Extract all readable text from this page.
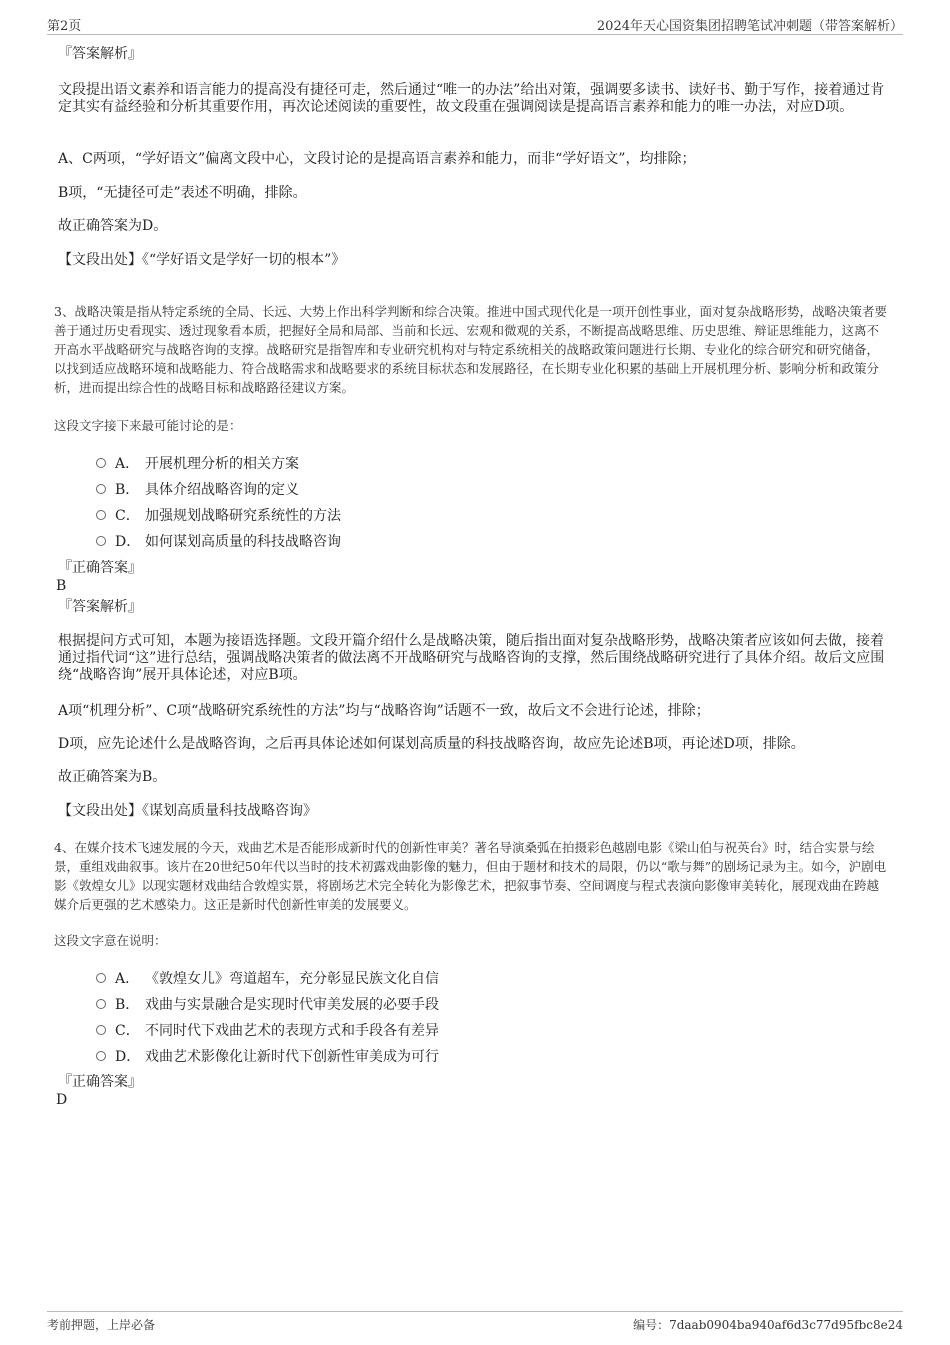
第2页	2024年天心国资集团招聘笔试冲刺题（带答案解析）
『答案解析』
文段提出语文素养和语言能力的提高没有捷径可走，然后通过“唯一的办法”给出对策，强调要多读书、读好书、勤于写作，接着通过肯定其实有益经验和分析其重要作用，再次论述阅读的重要性，故文段重在强调阅读是提高语言素养和能力的唯一办法，对应D项。
A、C两项，“学好语文”偏离文段中心，文段讨论的是提高语言素养和能力，而非“学好语文”，均排除；
B项，“无捷径可走”表述不明确，排除。
故正确答案为D。
【文段出处】《“学好语文是学好一切的根本”》
3、战略决策是指从特定系统的全局、长远、大势上作出科学判断和综合决策。推进中国式现代化是一项开创性事业，面对复杂战略形势，战略决策者要善于通过历史看现实、透过现象看本质，把握好全局和局部、当前和长远、宏观和微观的关系，不断提高战略思维、历史思维、辩证思维能力，这离不开高水平战略研究与战略咨询的支撑。战略研究是指智库和专业研究机构对与特定系统相关的战略政策问题进行长期、专业化的综合研究和研究储备，以找到适应战略环境和战略能力、符合战略需求和战略要求的系统目标状态和发展路径，在长期专业化积累的基础上开展机理分析、影响分析和政策分析，进而提出综合性的战略目标和战略路径建议方案。
这段文字接下来最可能讨论的是：
A． 开展机理分析的相关方案
B． 具体介绍战略咨询的定义
C． 加强规划战略研究系统性的方法
D． 如何谋划高质量的科技战略咨询
『正确答案』
B
『答案解析』
根据提问方式可知，本题为接语选择题。文段开篇介绍什么是战略决策，随后指出面对复杂战略形势，战略决策者应该如何去做，接着通过指代词“这”进行总结，强调战略决策者的做法离不开战略研究与战略咨询的支撑，然后围绕战略研究进行了具体介绍。故后文应围绕“战略咨询”展开具体论述，对应B项。
A项“机理分析”、C项“战略研究系统性的方法”均与“战略咨询”话题不一致，故后文不会进行论述，排除；
D项，应先论述什么是战略咨询，之后再具体论述如何谋划高质量的科技战略咨询，故应先论述B项，再论述D项，排除。
故正确答案为B。
【文段出处】《谋划高质量科技战略咨询》
4、在媒介技术飞速发展的今天，戏曲艺术是否能形成新时代的创新性审美？著名导演桑弧在拍摄彩色越剧电影《梁山伯与祝英台》时，结合实景与绘景，重组戏曲叙事。该片在20世纪50年代以当时的技术初露戏曲影像的魅力，但由于题材和技术的局限，仍以“歌与舞”的剧场记录为主。如今，沪剧电影《敦煌女儿》以现实题材戏曲结合敦煌实景，将剧场艺术完全转化为影像艺术，把叙事节奏、空间调度与程式表演向影像审美转化，展现戏曲在跨越媒介后更强的艺术感染力。这正是新时代创新性审美的发展要义。
这段文字意在说明：
A． 《敦煌女儿》弯道超车，充分彰显民族文化自信
B． 戏曲与实景融合是实现时代审美发展的必要手段
C． 不同时代下戏曲艺术的表现方式和手段各有差异
D． 戏曲艺术影像化让新时代下创新性审美成为可行
『正确答案』
D
考前押题，上岸必备	编号：7daab0904ba940af6d3c77d95fbc8e24
